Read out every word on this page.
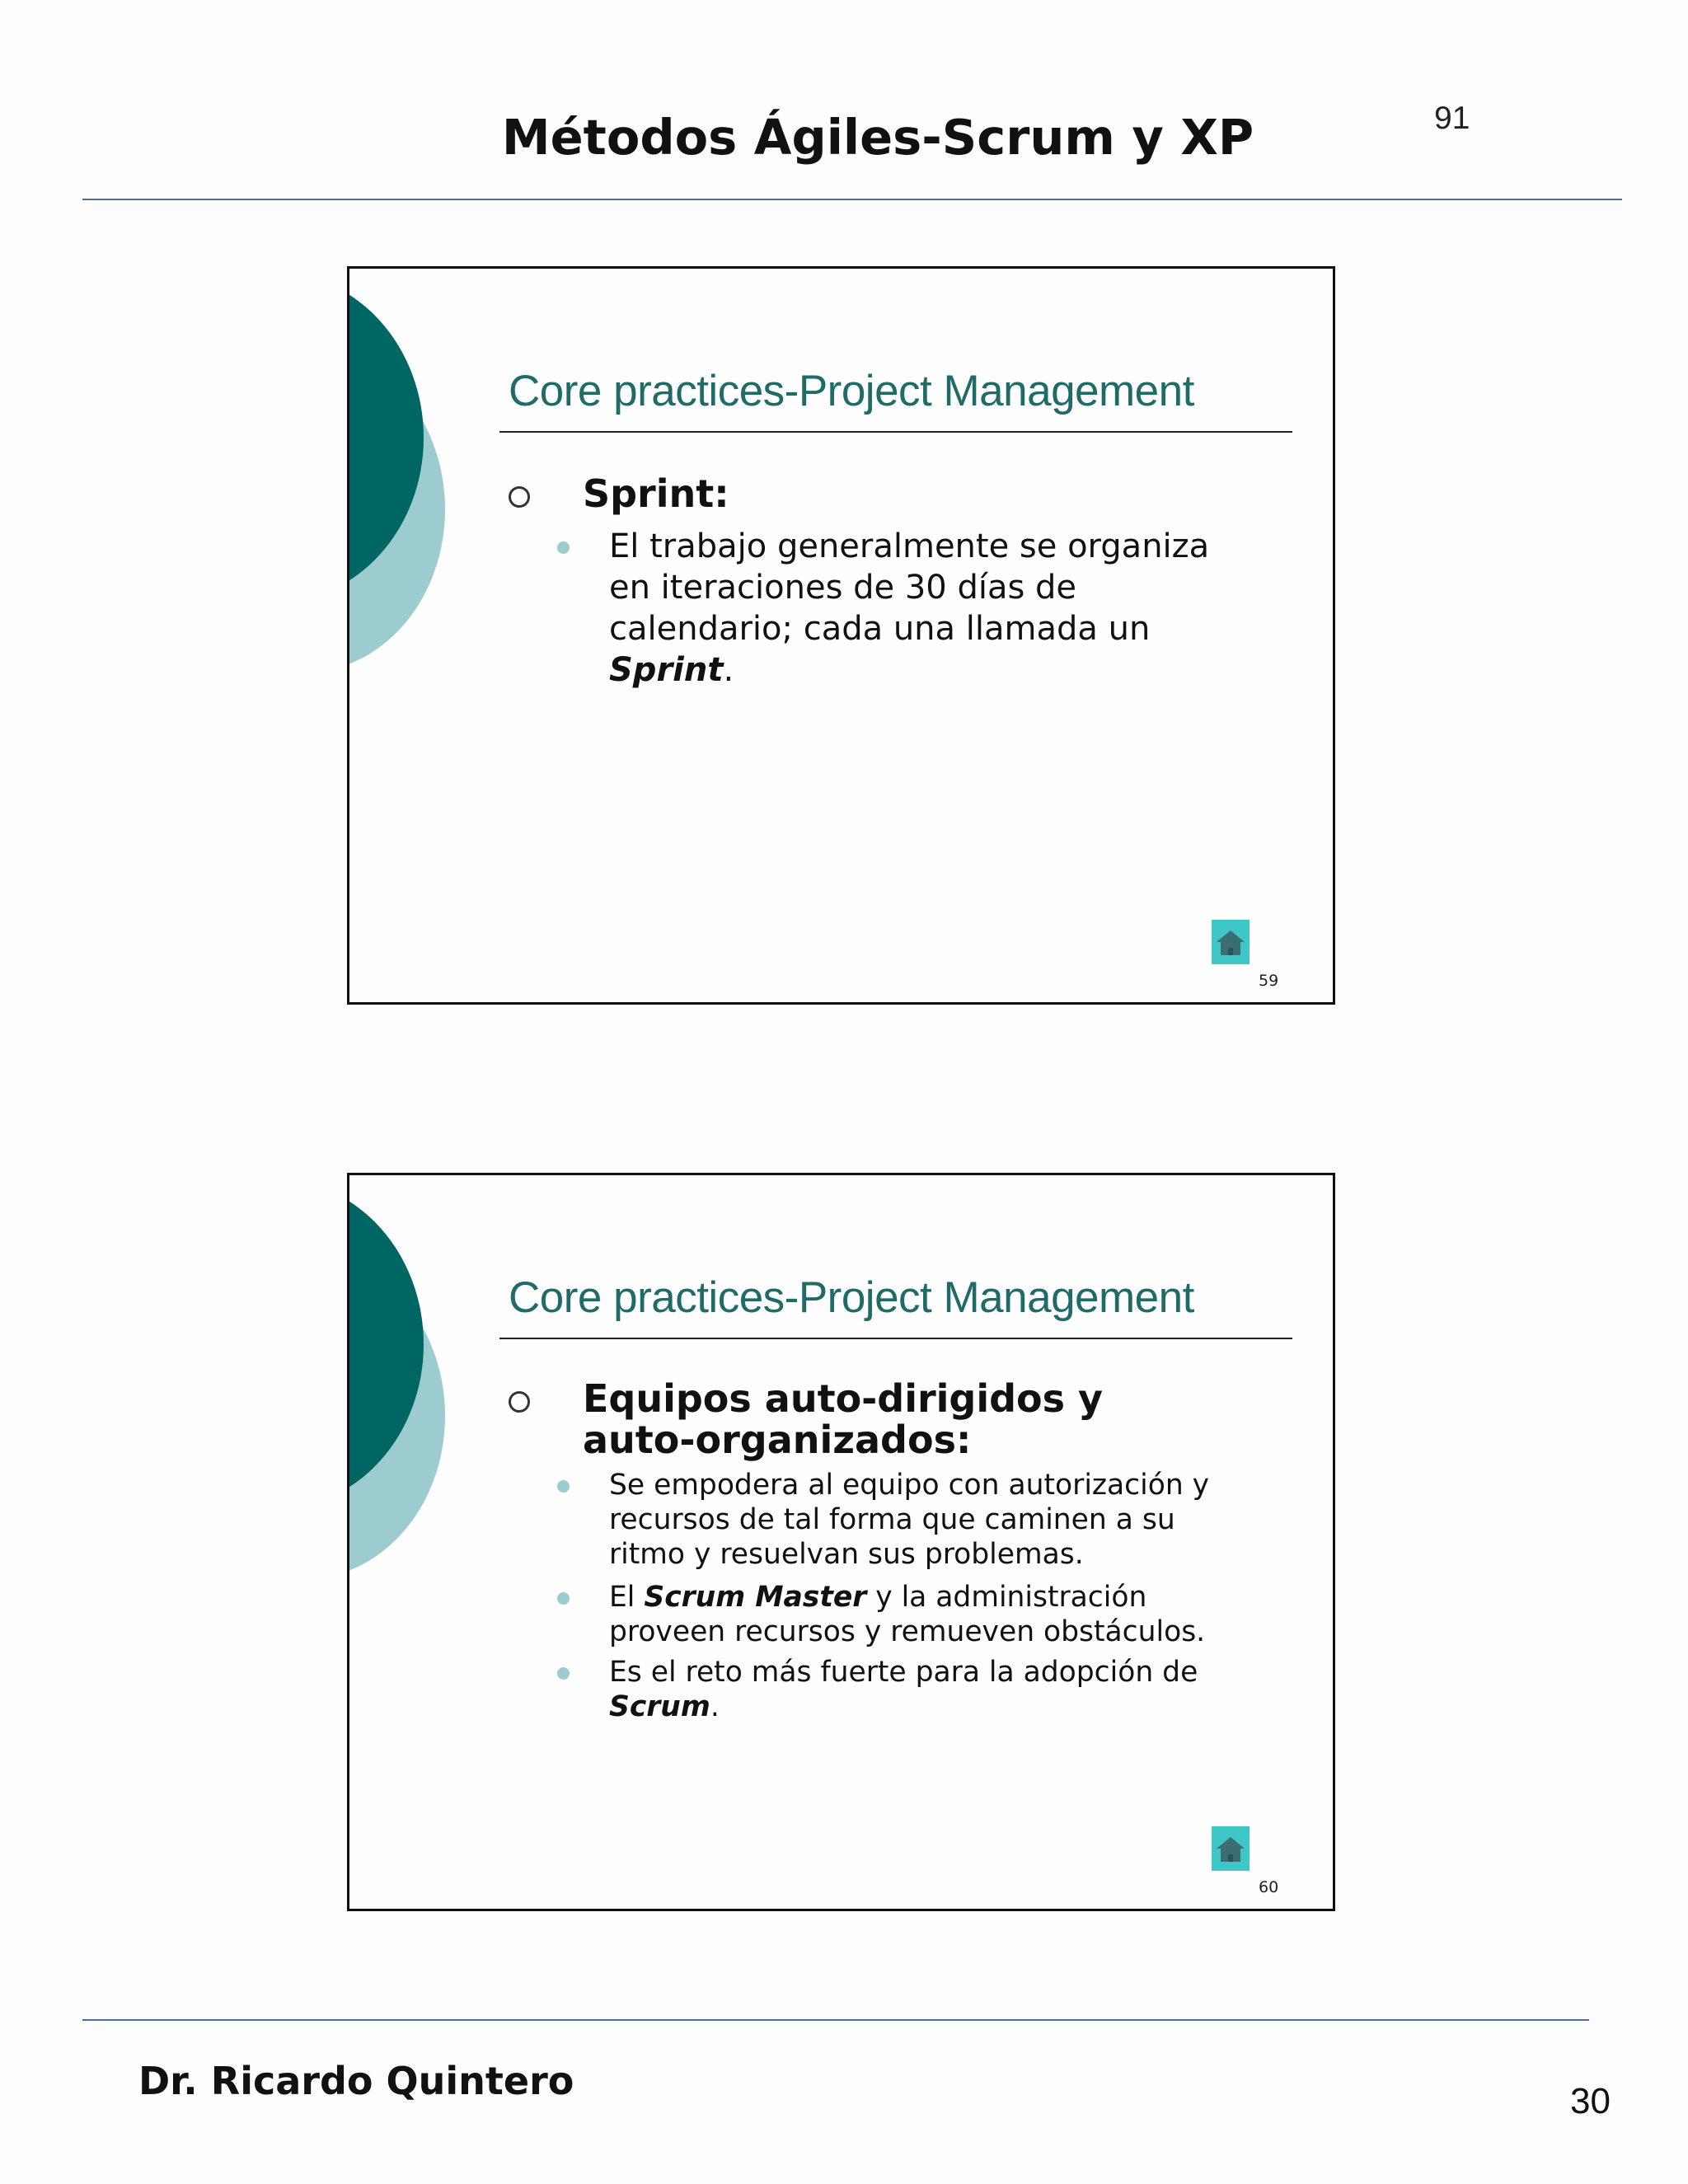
91
Métodos Ágiles-Scrum y XP
Core practices-Project Management
Sprint:
El trabajo generalmente se organiza en iteraciones de 30 días de calendario; cada una llamada un Sprint.
59
Core practices-Project Management
Equipos auto-dirigidos y auto-organizados:
Se empodera al equipo con autorización y recursos de tal forma que caminen a su ritmo y resuelvan sus problemas.
El Scrum Master y la administración proveen recursos y remueven obstáculos.
Es el reto más fuerte para la adopción de Scrum.
60
Dr. Ricardo Quintero	30
